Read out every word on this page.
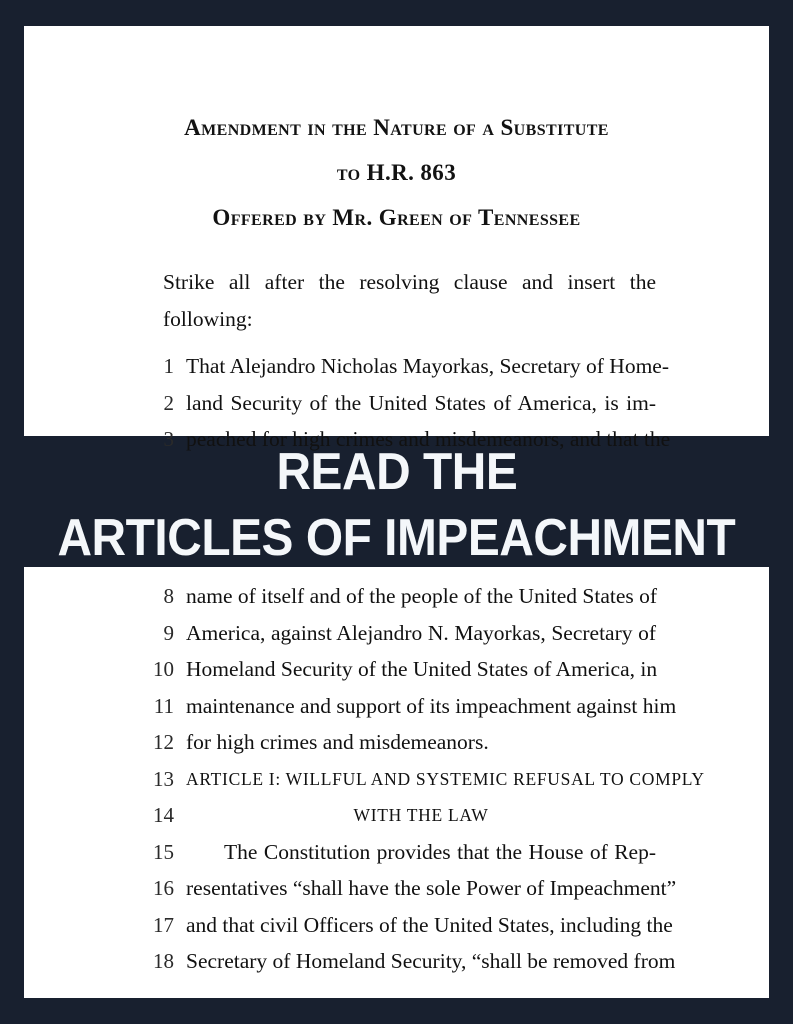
Amendment in the Nature of a Substitute
to H.R. 863
Offered by Mr. Green of Tennessee
Strike all after the resolving clause and insert the
following:
1 That Alejandro Nicholas Mayorkas, Secretary of Home-
2 land Security of the United States of America, is im-
3 peached for high crimes and misdemeanors, and that the
READ THE
ARTICLES OF IMPEACHMENT
8 name of itself and of the people of the United States of
9 America, against Alejandro N. Mayorkas, Secretary of
10 Homeland Security of the United States of America, in
11 maintenance and support of its impeachment against him
12 for high crimes and misdemeanors.
13 ARTICLE I: WILLFUL AND SYSTEMIC REFUSAL TO COMPLY
14	WITH THE LAW
15	The Constitution provides that the House of Rep-
16 resentatives “shall have the sole Power of Impeachment”
17 and that civil Officers of the United States, including the
18 Secretary of Homeland Security, “shall be removed from
